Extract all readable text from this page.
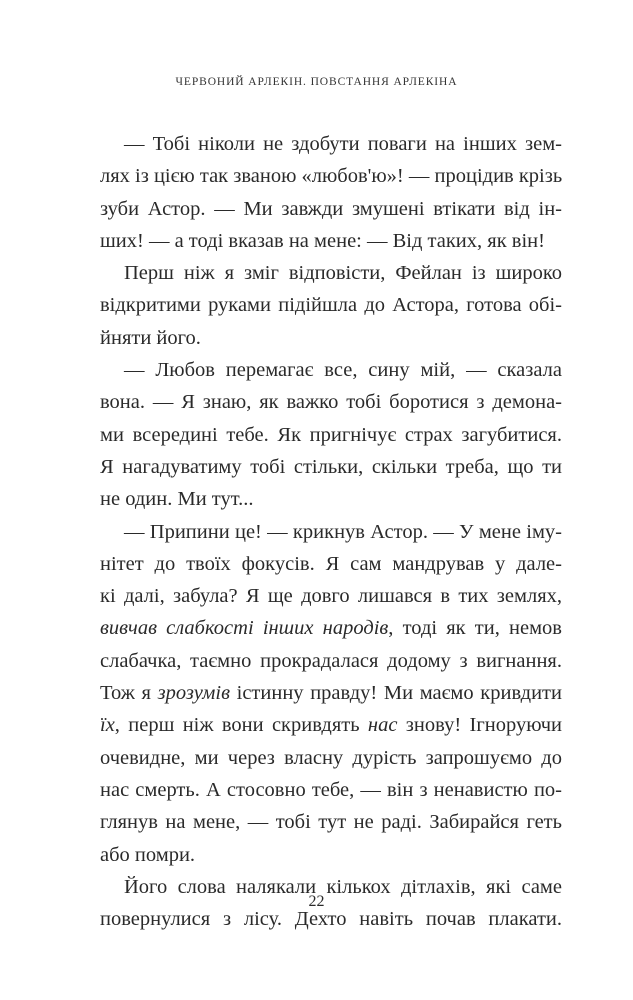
ЧЕРВОНИЙ АРЛЕКІН. ПОВСТАННЯ АРЛЕКІНА
— Тобі ніколи не здобути поваги на інших зем-
лях із цією так званою «любов'ю»! — процідив крізь
зуби Астор. — Ми завжди змушені втікати від ін-
ших! — а тоді вказав на мене: — Від таких, як він!
Перш ніж я зміг відповісти, Фейлан із широко
відкритими руками підійшла до Астора, готова обі-
йняти його.
— Любов перемагає все, сину мій, — сказала
вона. — Я знаю, як важко тобі боротися з демона-
ми всередині тебе. Як пригнічує страх загубитися.
Я нагадуватиму тобі стільки, скільки треба, що ти
не один. Ми тут...
— Припини це! — крикнув Астор. — У мене іму-
нітет до твоїх фокусів. Я сам мандрував у дале-
кі далі, забула? Я ще довго лишався в тих землях,
вивчав слабкості інших народів, тоді як ти, немов
слабачка, таємно прокрадалася додому з вигнання.
Тож я зрозумів істинну правду! Ми маємо кривдити
їх, перш ніж вони скривдять нас знову! Ігноруючи
очевидне, ми через власну дурість запрошуємо до
нас смерть. А стосовно тебе, — він з ненавистю по-
глянув на мене, — тобі тут не раді. Забирайся геть
або помри.
Його слова налякали кількох дітлахів, які саме
повернулися з лісу. Дехто навіть почав плакати.
22
